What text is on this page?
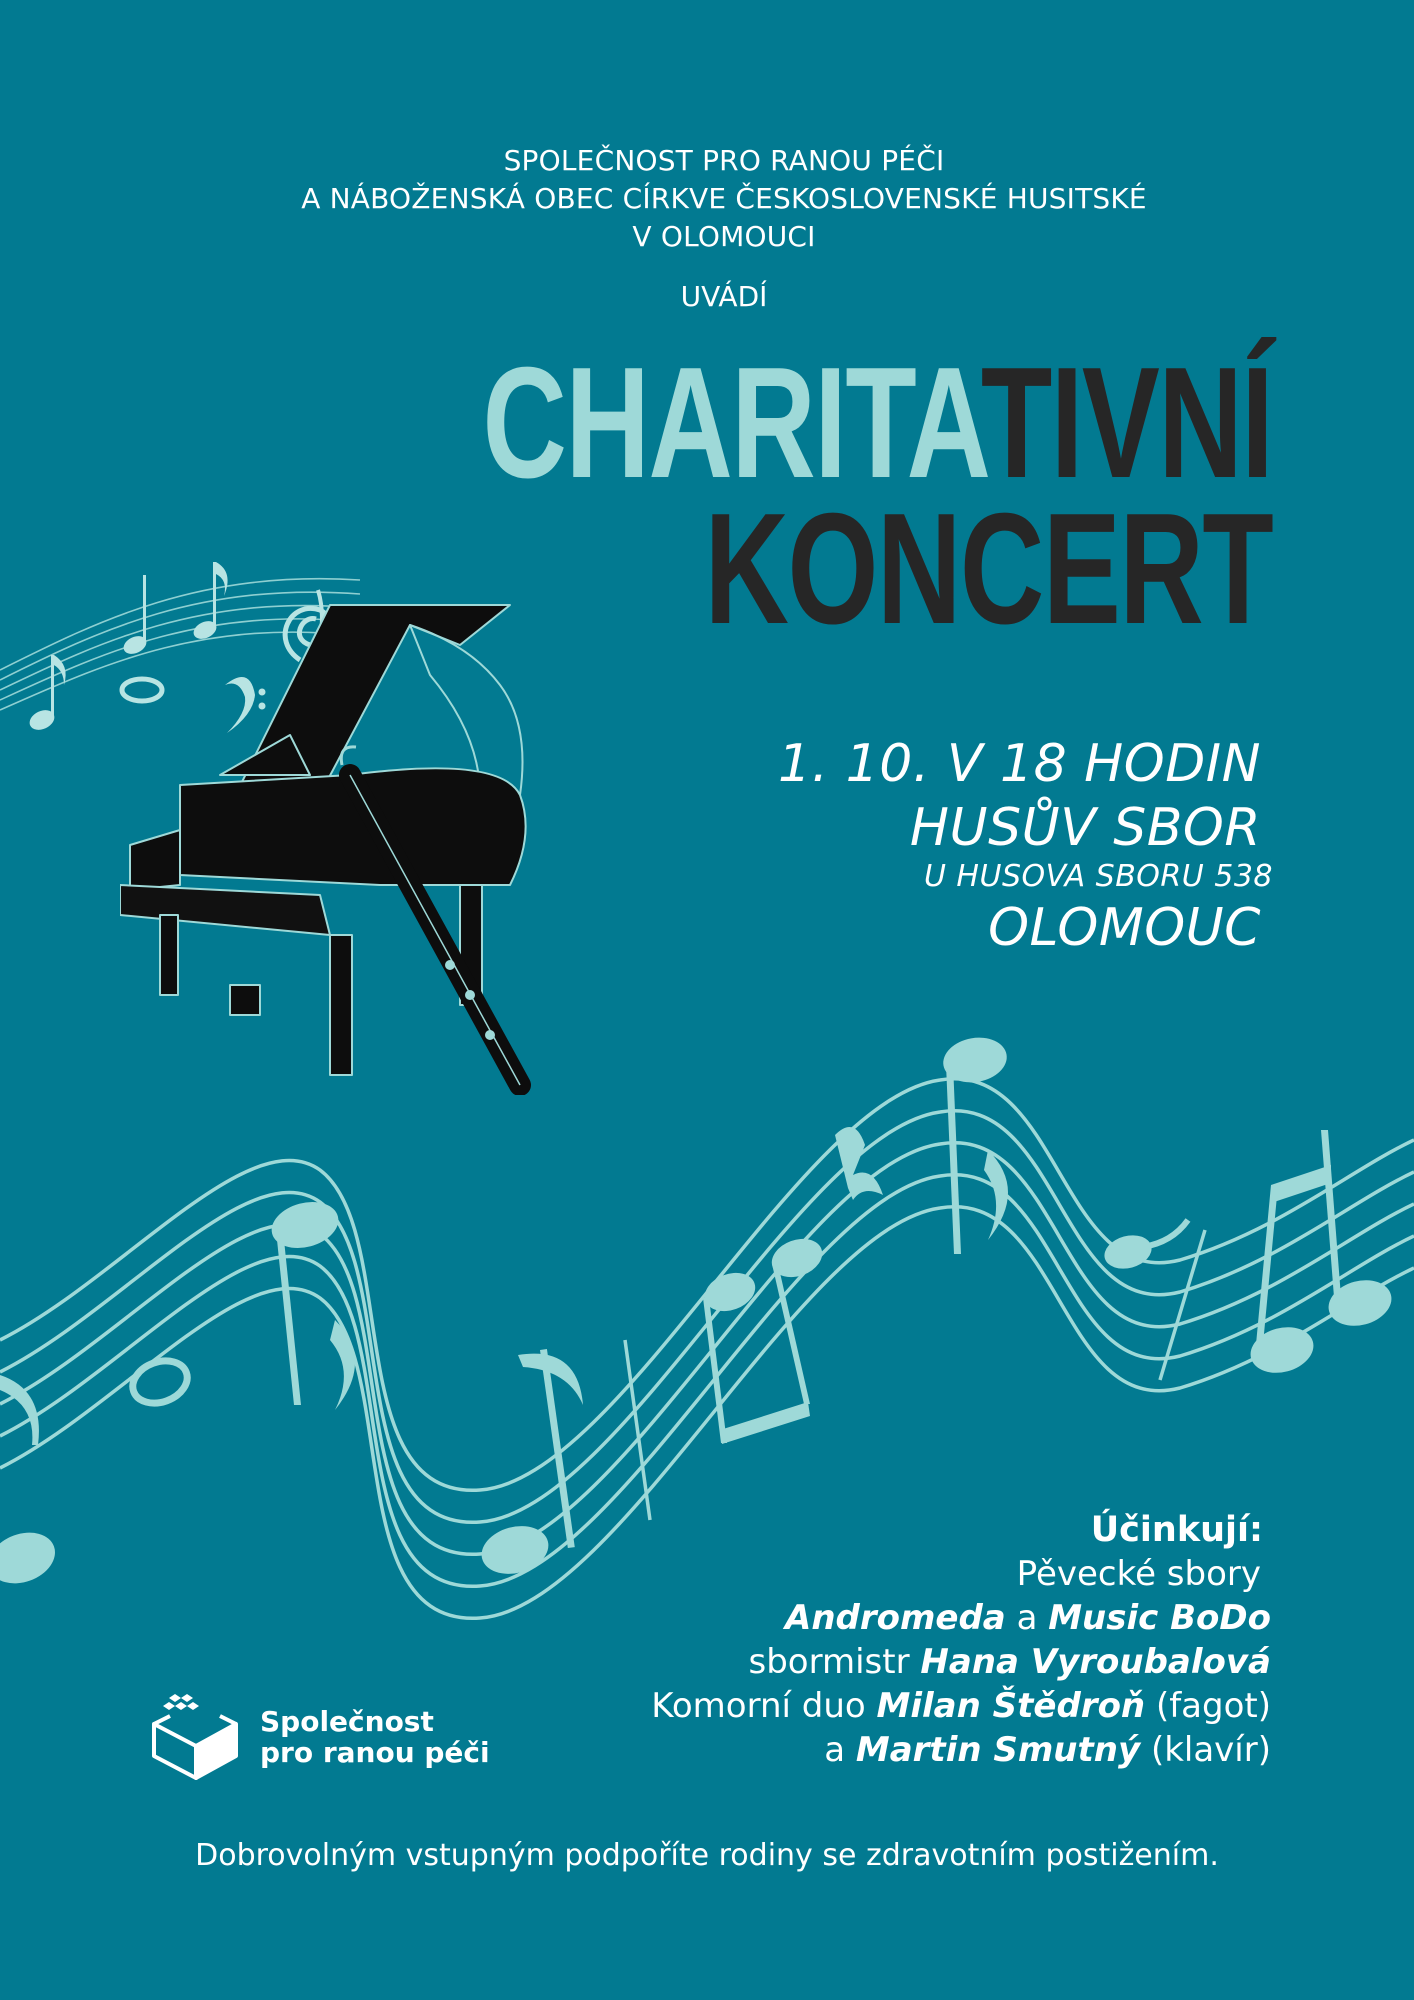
SPOLEČNOST PRO RANOU PÉČI
A NÁBOŽENSKÁ OBEC CÍRKVE ČESKOSLOVENSKÉ HUSITSKÉ
V OLOMOUCI
UVÁDÍ
CHARITATIVNÍ
KONCERT
1. 10. V 18 HODIN
HUSŮV SBOR
U HUSOVA SBORU 538
OLOMOUC
Účinkují:
Pěvecké sbory
Andromeda a Music BoDo
sbormistr Hana Vyroubalová
Komorní duo Milan Štědroň (fagot)
a Martin Smutný (klavír)
Společnost
pro ranou péči
Dobrovolným vstupným podpoříte rodiny se zdravotním postižením.
